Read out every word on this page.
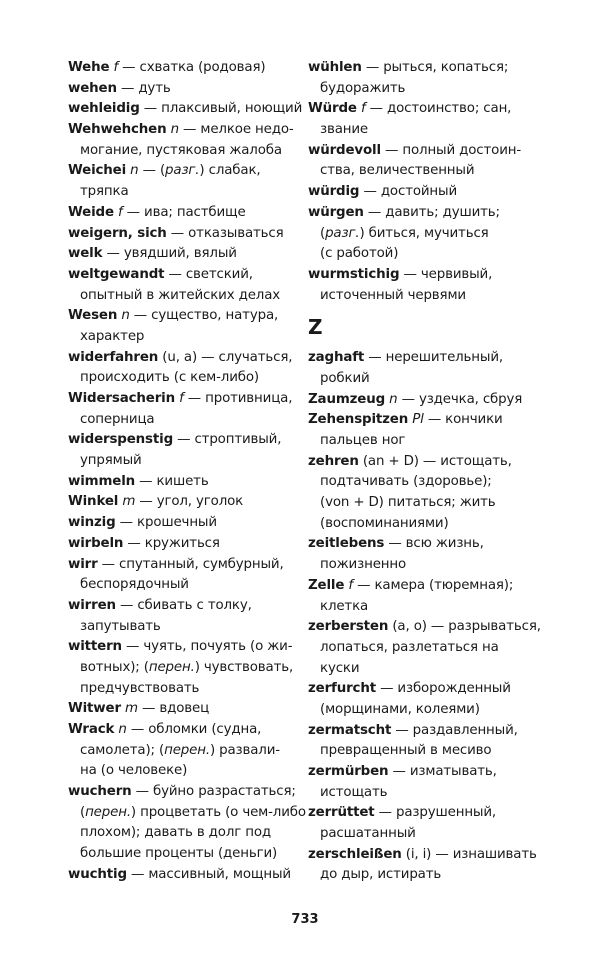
Wehe f — схватка (родовая)
wehen — дуть
wehleidig — плаксивый, ноющий
Wehwehchen n — мелкое недо-
могание, пустяковая жалоба
Weichei n — (разг.) слабак,
тряпка
Weide f — ива; пастбище
weigern, sich — отказываться
welk — увядший, вялый
weltgewandt — светский,
опытный в житейских делах
Wesen n — существо, натура,
характер
widerfahren (u, a) — случаться,
происходить (с кем-либо)
Widersacherin f — противница,
соперница
widerspenstig — строптивый,
упрямый
wimmeln — кишеть
Winkel m — угол, уголок
winzig — крошечный
wirbeln — кружиться
wirr — спутанный, сумбурный,
беспорядочный
wirren — сбивать с толку,
запутывать
wittern — чуять, почуять (о жи-
вотных); (перен.) чувствовать,
предчувствовать
Witwer m — вдовец
Wrack n — обломки (судна,
самолета); (перен.) развали-
на (о человеке)
wuchern — буйно разрастаться;
(перен.) процветать (о чем-либо
плохом); давать в долг под
большие проценты (деньги)
wuchtig — массивный, мощный
wühlen — рыться, копаться;
будоражить
Würde f — достоинство; сан,
звание
würdevoll — полный достоин-
ства, величественный
würdig — достойный
würgen — давить; душить;
(разг.) биться, мучиться
(с работой)
wurmstichig — червивый,
источенный червями
Z
zaghaft — нерешительный,
робкий
Zaumzeug n — уздечка, сбруя
Zehenspitzen Pl — кончики
пальцев ног
zehren (an + D) — истощать,
подтачивать (здоровье);
(von + D) питаться; жить
(воспоминаниями)
zeitlebens — всю жизнь,
пожизненно
Zelle f — камера (тюремная);
клетка
zerbersten (a, o) — разрываться,
лопаться, разлетаться на
куски
zerfurcht — изборожденный
(морщинами, колеями)
zermatscht — раздавленный,
превращенный в месиво
zermürben — изматывать,
истощать
zerrüttet — разрушенный,
расшатанный
zerschleißen (i, i) — изнашивать
до дыр, истирать
733
